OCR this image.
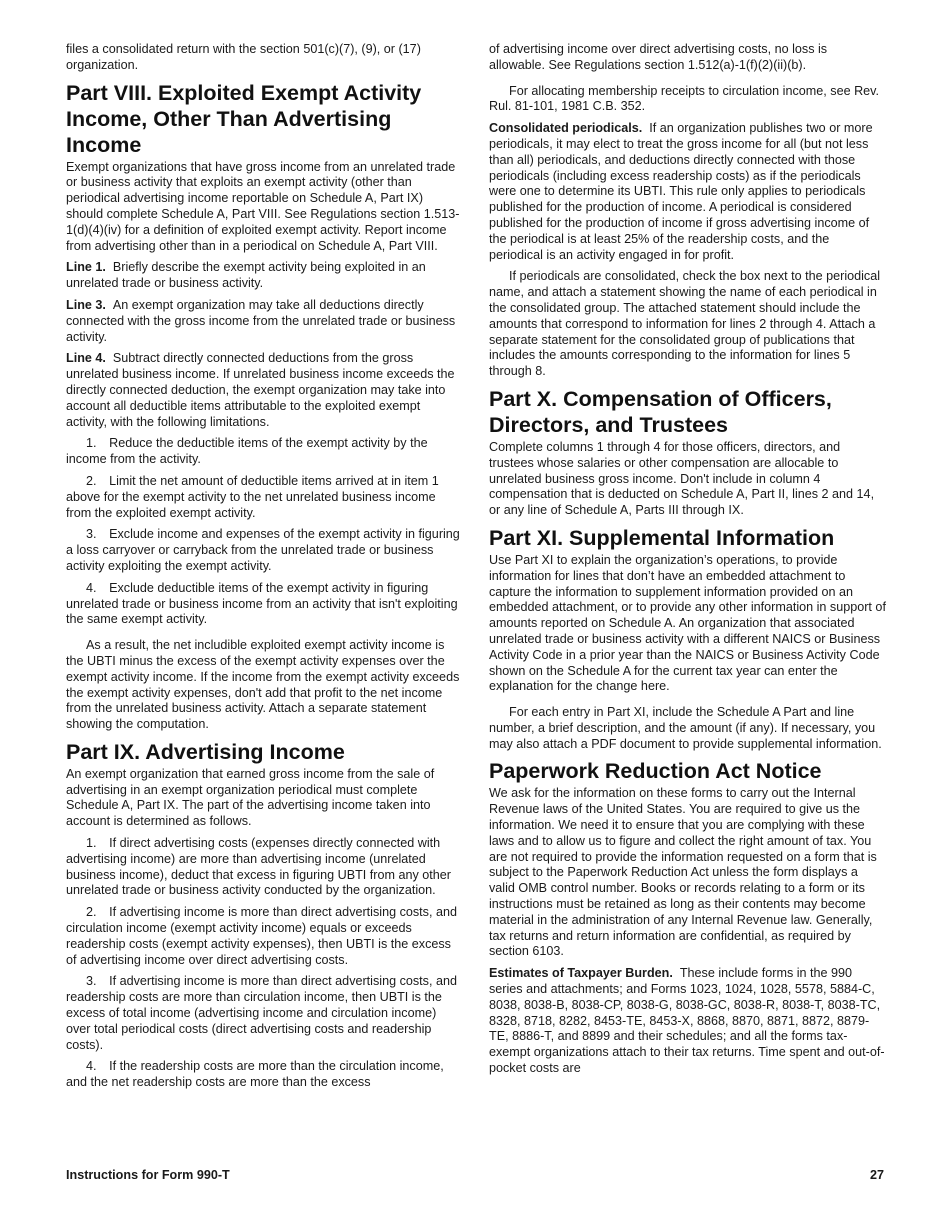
files a consolidated return with the section 501(c)(7), (9), or (17) organization.

Part VIII. Exploited Exempt Activity Income, Other Than Advertising Income

Exempt organizations that have gross income from an unrelated trade or business activity that exploits an exempt activity (other than periodical advertising income reportable on Schedule A, Part IX) should complete Schedule A, Part VIII. See Regulations section 1.513-1(d)(4)(iv) for a definition of exploited exempt activity. Report income from advertising other than in a periodical on Schedule A, Part VIII.

Line 1. Briefly describe the exempt activity being exploited in an unrelated trade or business activity.

Line 3. An exempt organization may take all deductions directly connected with the gross income from the unrelated trade or business activity.

Line 4. Subtract directly connected deductions from the gross unrelated business income. If unrelated business income exceeds the directly connected deduction, the exempt organization may take into account all deductible items attributable to the exploited exempt activity, with the following limitations.

1. Reduce the deductible items of the exempt activity by the income from the activity.

2. Limit the net amount of deductible items arrived at in item 1 above for the exempt activity to the net unrelated business income from the exploited exempt activity.

3. Exclude income and expenses of the exempt activity in figuring a loss carryover or carryback from the unrelated trade or business activity exploiting the exempt activity.

4. Exclude deductible items of the exempt activity in figuring unrelated trade or business income from an activity that isn't exploiting the same exempt activity.

As a result, the net includible exploited exempt activity income is the UBTI minus the excess of the exempt activity expenses over the exempt activity income. If the income from the exempt activity exceeds the exempt activity expenses, don't add that profit to the net income from the unrelated business activity. Attach a separate statement showing the computation.

Part IX. Advertising Income

An exempt organization that earned gross income from the sale of advertising in an exempt organization periodical must complete Schedule A, Part IX. The part of the advertising income taken into account is determined as follows.

1. If direct advertising costs (expenses directly connected with advertising income) are more than advertising income (unrelated business income), deduct that excess in figuring UBTI from any other unrelated trade or business activity conducted by the organization.

2. If advertising income is more than direct advertising costs, and circulation income (exempt activity income) equals or exceeds readership costs (exempt activity expenses), then UBTI is the excess of advertising income over direct advertising costs.

3. If advertising income is more than direct advertising costs, and readership costs are more than circulation income, then UBTI is the excess of total income (advertising income and circulation income) over total periodical costs (direct advertising costs and readership costs).

4. If the readership costs are more than the circulation income, and the net readership costs are more than the excess

of advertising income over direct advertising costs, no loss is allowable. See Regulations section 1.512(a)-1(f)(2)(ii)(b).

For allocating membership receipts to circulation income, see Rev. Rul. 81-101, 1981 C.B. 352.

Consolidated periodicals. If an organization publishes two or more periodicals, it may elect to treat the gross income for all (but not less than all) periodicals, and deductions directly connected with those periodicals (including excess readership costs) as if the periodicals were one to determine its UBTI. This rule only applies to periodicals published for the production of income. A periodical is considered published for the production of income if gross advertising income of the periodical is at least 25% of the readership costs, and the periodical is an activity engaged in for profit.

If periodicals are consolidated, check the box next to the periodical name, and attach a statement showing the name of each periodical in the consolidated group. The attached statement should include the amounts that correspond to information for lines 2 through 4. Attach a separate statement for the consolidated group of publications that includes the amounts corresponding to the information for lines 5 through 8.

Part X. Compensation of Officers, Directors, and Trustees

Complete columns 1 through 4 for those officers, directors, and trustees whose salaries or other compensation are allocable to unrelated business gross income. Don't include in column 4 compensation that is deducted on Schedule A, Part II, lines 2 and 14, or any line of Schedule A, Parts III through IX.

Part XI. Supplemental Information

Use Part XI to explain the organization’s operations, to provide information for lines that don’t have an embedded attachment to capture the information to supplement information provided on an embedded attachment, or to provide any other information in support of amounts reported on Schedule A. An organization that associated unrelated trade or business activity with a different NAICS or Business Activity Code in a prior year than the NAICS or Business Activity Code shown on the Schedule A for the current tax year can enter the explanation for the change here.

For each entry in Part XI, include the Schedule A Part and line number, a brief description, and the amount (if any). If necessary, you may also attach a PDF document to provide supplemental information.

Paperwork Reduction Act Notice

We ask for the information on these forms to carry out the Internal Revenue laws of the United States. You are required to give us the information. We need it to ensure that you are complying with these laws and to allow us to figure and collect the right amount of tax. You are not required to provide the information requested on a form that is subject to the Paperwork Reduction Act unless the form displays a valid OMB control number. Books or records relating to a form or its instructions must be retained as long as their contents may become material in the administration of any Internal Revenue law. Generally, tax returns and return information are confidential, as required by section 6103.

Estimates of Taxpayer Burden. These include forms in the 990 series and attachments; and Forms 1023, 1024, 1028, 5578, 5884-C, 8038, 8038-B, 8038-CP, 8038-G, 8038-GC, 8038-R, 8038-T, 8038-TC, 8328, 8718, 8282, 8453-TE, 8453-X, 8868, 8870, 8871, 8872, 8879-TE, 8886-T, and 8899 and their schedules; and all the forms tax-exempt organizations attach to their tax returns. Time spent and out-of-pocket costs are

Instructions for Form 990-T	27
